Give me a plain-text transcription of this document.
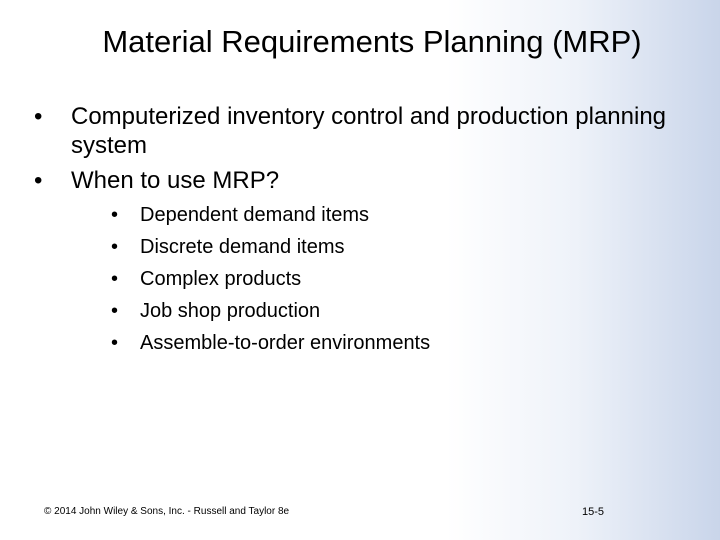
Material Requirements Planning (MRP)
• Computerized inventory control and production planning system
• When to use MRP?
• Dependent demand items
• Discrete demand items
• Complex products
• Job shop production
• Assemble-to-order environments
© 2014 John Wiley & Sons, Inc. - Russell and Taylor 8e	15-5
